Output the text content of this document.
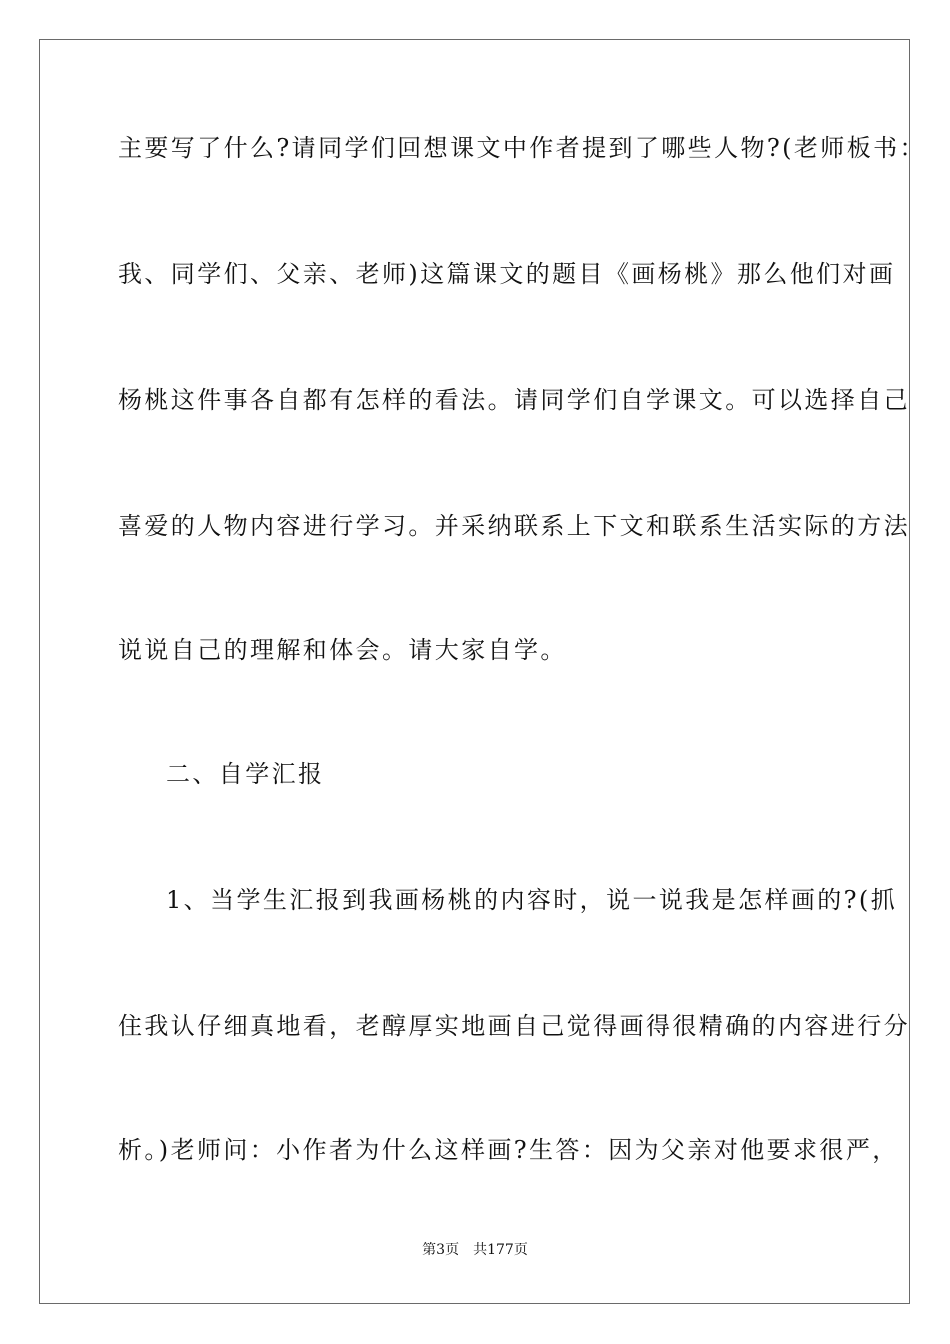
主要写了什么?请同学们回想课文中作者提到了哪些人物?(老师板书：
我、同学们、父亲、老师)这篇课文的题目《画杨桃》那么他们对画
杨桃这件事各自都有怎样的看法。请同学们自学课文。可以选择自己
喜爱的人物内容进行学习。并采纳联系上下文和联系生活实际的方法
说说自己的理解和体会。请大家自学。
二、自学汇报
1、当学生汇报到我画杨桃的内容时，说一说我是怎样画的?(抓
住我认仔细真地看，老醇厚实地画自己觉得画得很精确的内容进行分
析。)老师问：小作者为什么这样画?生答：因为父亲对他要求很严，
第3页 共177页
